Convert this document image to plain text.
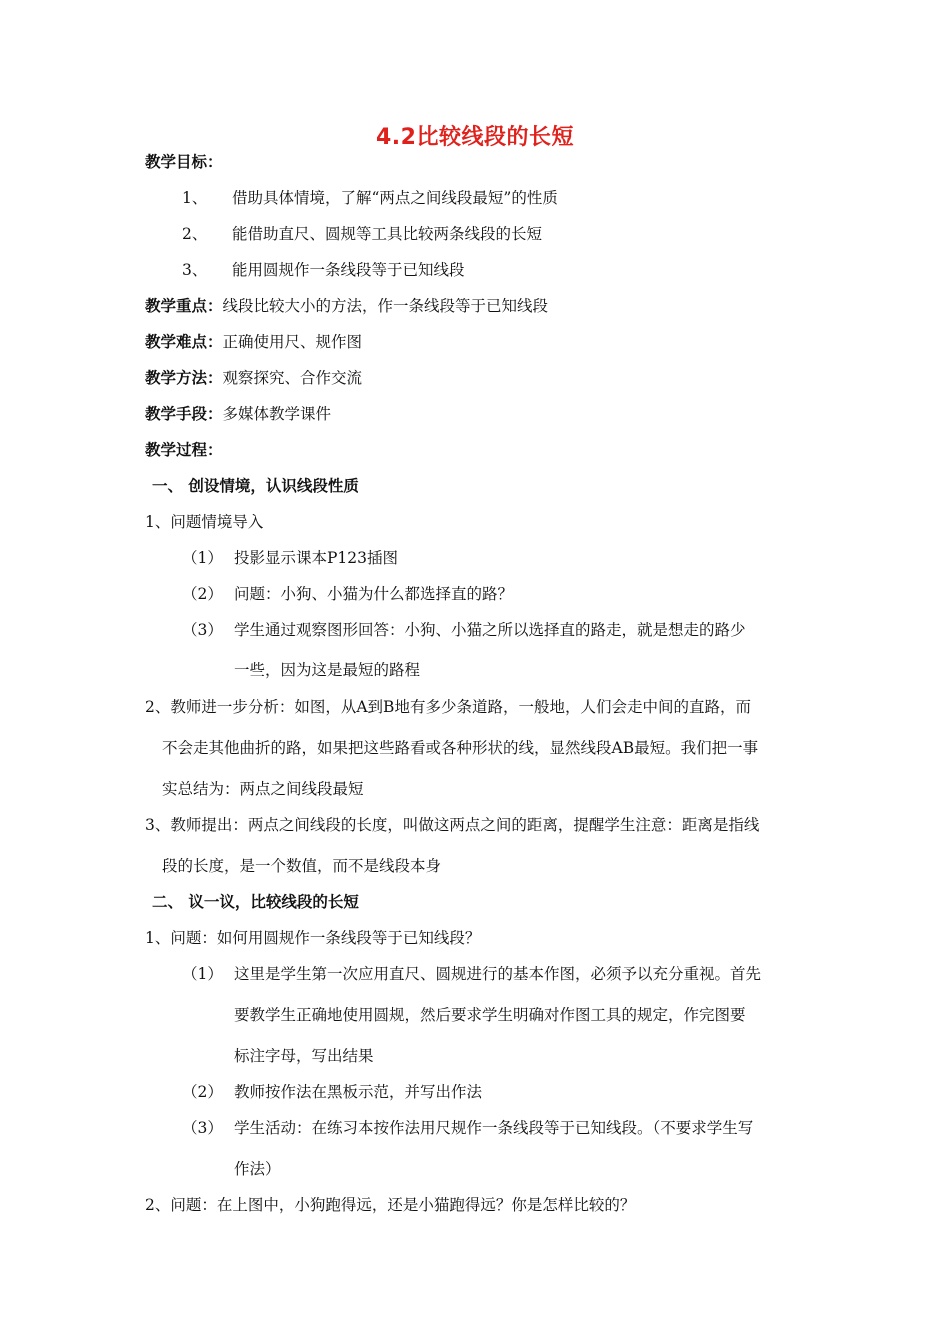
4.2比较线段的长短
教学目标：
1、 借助具体情境，了解“两点之间线段最短”的性质
2、 能借助直尺、圆规等工具比较两条线段的长短
3、 能用圆规作一条线段等于已知线段
教学重点：线段比较大小的方法，作一条线段等于已知线段
教学难点：正确使用尺、规作图
教学方法：观察探究、合作交流
教学手段：多媒体教学课件
教学过程：
一、 创设情境，认识线段性质
1、问题情境导入
（1） 投影显示课本P123插图
（2） 问题：小狗、小猫为什么都选择直的路？
（3） 学生通过观察图形回答：小狗、小猫之所以选择直的路走，就是想走的路少
一些，因为这是最短的路程
2、教师进一步分析：如图，从A到B地有多少条道路，一般地，人们会走中间的直路，而
不会走其他曲折的路，如果把这些路看或各种形状的线，显然线段AB最短。我们把一事
实总结为：两点之间线段最短
3、教师提出：两点之间线段的长度，叫做这两点之间的距离，提醒学生注意：距离是指线
段的长度，是一个数值，而不是线段本身
二、 议一议，比较线段的长短
1、问题：如何用圆规作一条线段等于已知线段？
（1） 这里是学生第一次应用直尺、圆规进行的基本作图，必须予以充分重视。首先
要教学生正确地使用圆规，然后要求学生明确对作图工具的规定，作完图要
标注字母，写出结果
（2） 教师按作法在黑板示范，并写出作法
（3） 学生活动：在练习本按作法用尺规作一条线段等于已知线段。（不要求学生写
作法）
2、问题：在上图中，小狗跑得远，还是小猫跑得远？你是怎样比较的？
